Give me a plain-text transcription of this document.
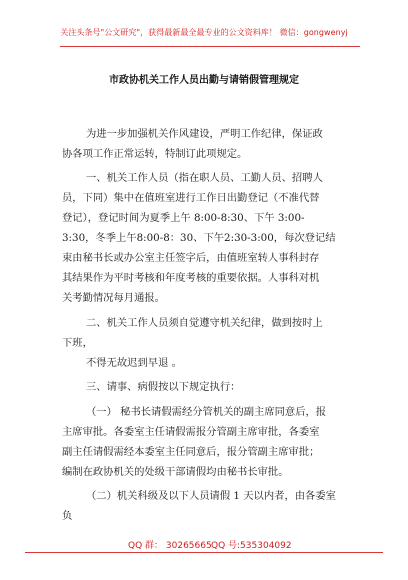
关注头条号"公文研究"，获得最新最全最专业的公文资料库！ 微信：gongwenyj
市政协机关工作人员出勤与请销假管理规定
为进一步加强机关作风建设，严明工作纪律，保证政
协各项工作正常运转，特制订此项规定。
一、机关工作人员（指在职人员、工勤人员、招聘人
员，下同）集中在值班室进行工作日出勤登记（不准代替
登记），登记时间为夏季上午 8:00-8:30、下午 3:00-
3:30，冬季上午8:00-8：30、下午2:30-3:00，每次登记结
束由秘书长或办公室主任签字后，由值班室转人事科封存
其结果作为平时考核和年度考核的重要依据。人事科对机
关考勤情况每月通报。
二、机关工作人员须自觉遵守机关纪律，做到按时上
下班，
不得无故迟到早退 。
三、请事、病假按以下规定执行：
（一） 秘书长请假需经分管机关的副主席同意后，报
主席审批。各委室主任请假需报分管副主席审批，各委室
副主任请假需经本委室主任同意后，报分管副主席审批；
编制在政协机关的处级干部请假均由秘书长审批。
（二）机关科级及以下人员请假 1 天以内者，由各委室
负
QQ 群： 30265665 QQ 号:535304092
